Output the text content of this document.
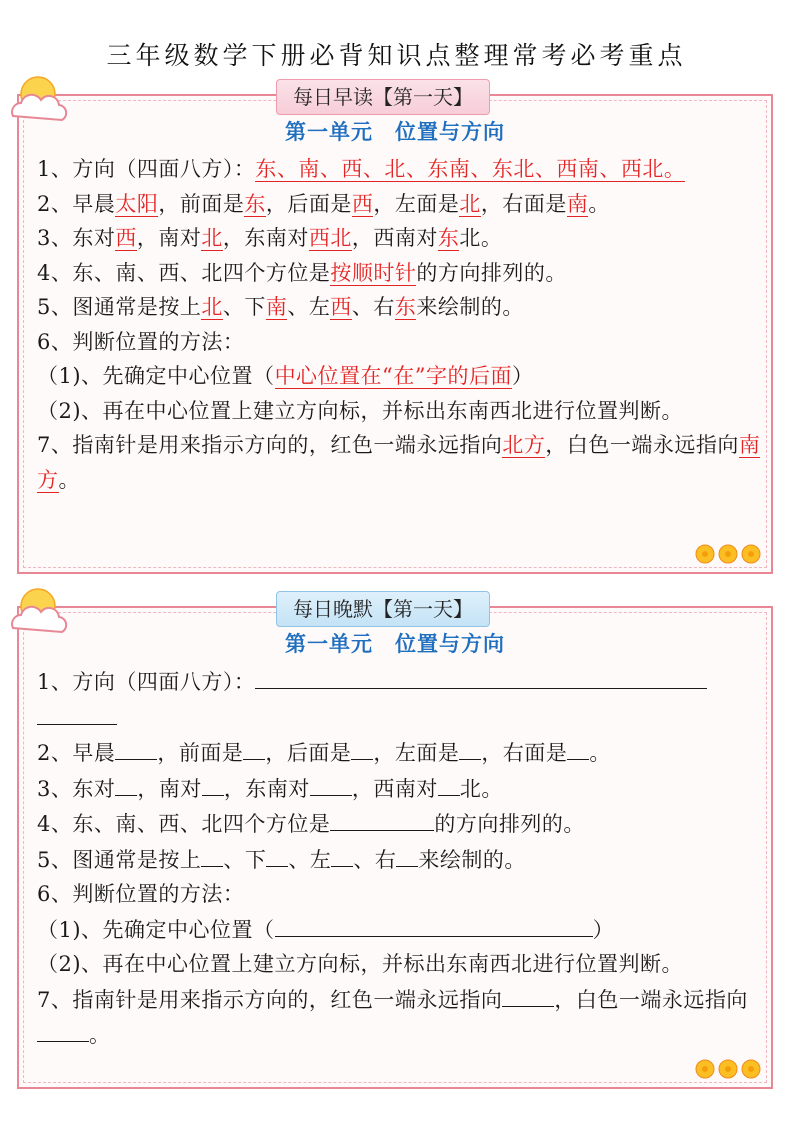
三年级数学下册必背知识点整理常考必考重点
每日早读【第一天】
第一单元　位置与方向
1、方向（四面八方）：东、南、西、北、东南、东北、西南、西北。
2、早晨太阳，前面是东，后面是西，左面是北，右面是南。
3、东对西，南对北，东南对西北，西南对东北。
4、东、南、西、北四个方位是按顺时针的方向排列的。
5、图通常是按上北、下南、左西、右东来绘制的。
6、判断位置的方法：
（1)、先确定中心位置（中心位置在“在”字的后面）
（2)、再在中心位置上建立方向标，并标出东南西北进行位置判断。
7、指南针是用来指示方向的，红色一端永远指向北方，白色一端永远指向南方。
每日晚默【第一天】
第一单元　位置与方向
1、方向（四面八方）：
2、早晨 ，前面是 ，后面是 ，左面是 ，右面是 。
3、东对 ，南对 ，东南对 ，西南对 北。
4、东、南、西、北四个方位是	的方向排列的。
5、图通常是按上 、下 、左 、右 来绘制的。
6、判断位置的方法：
（1)、先确定中心位置（	）
（2)、再在中心位置上建立方向标，并标出东南西北进行位置判断。
7、指南针是用来指示方向的，红色一端永远指向 ，白色一端永远指向。
